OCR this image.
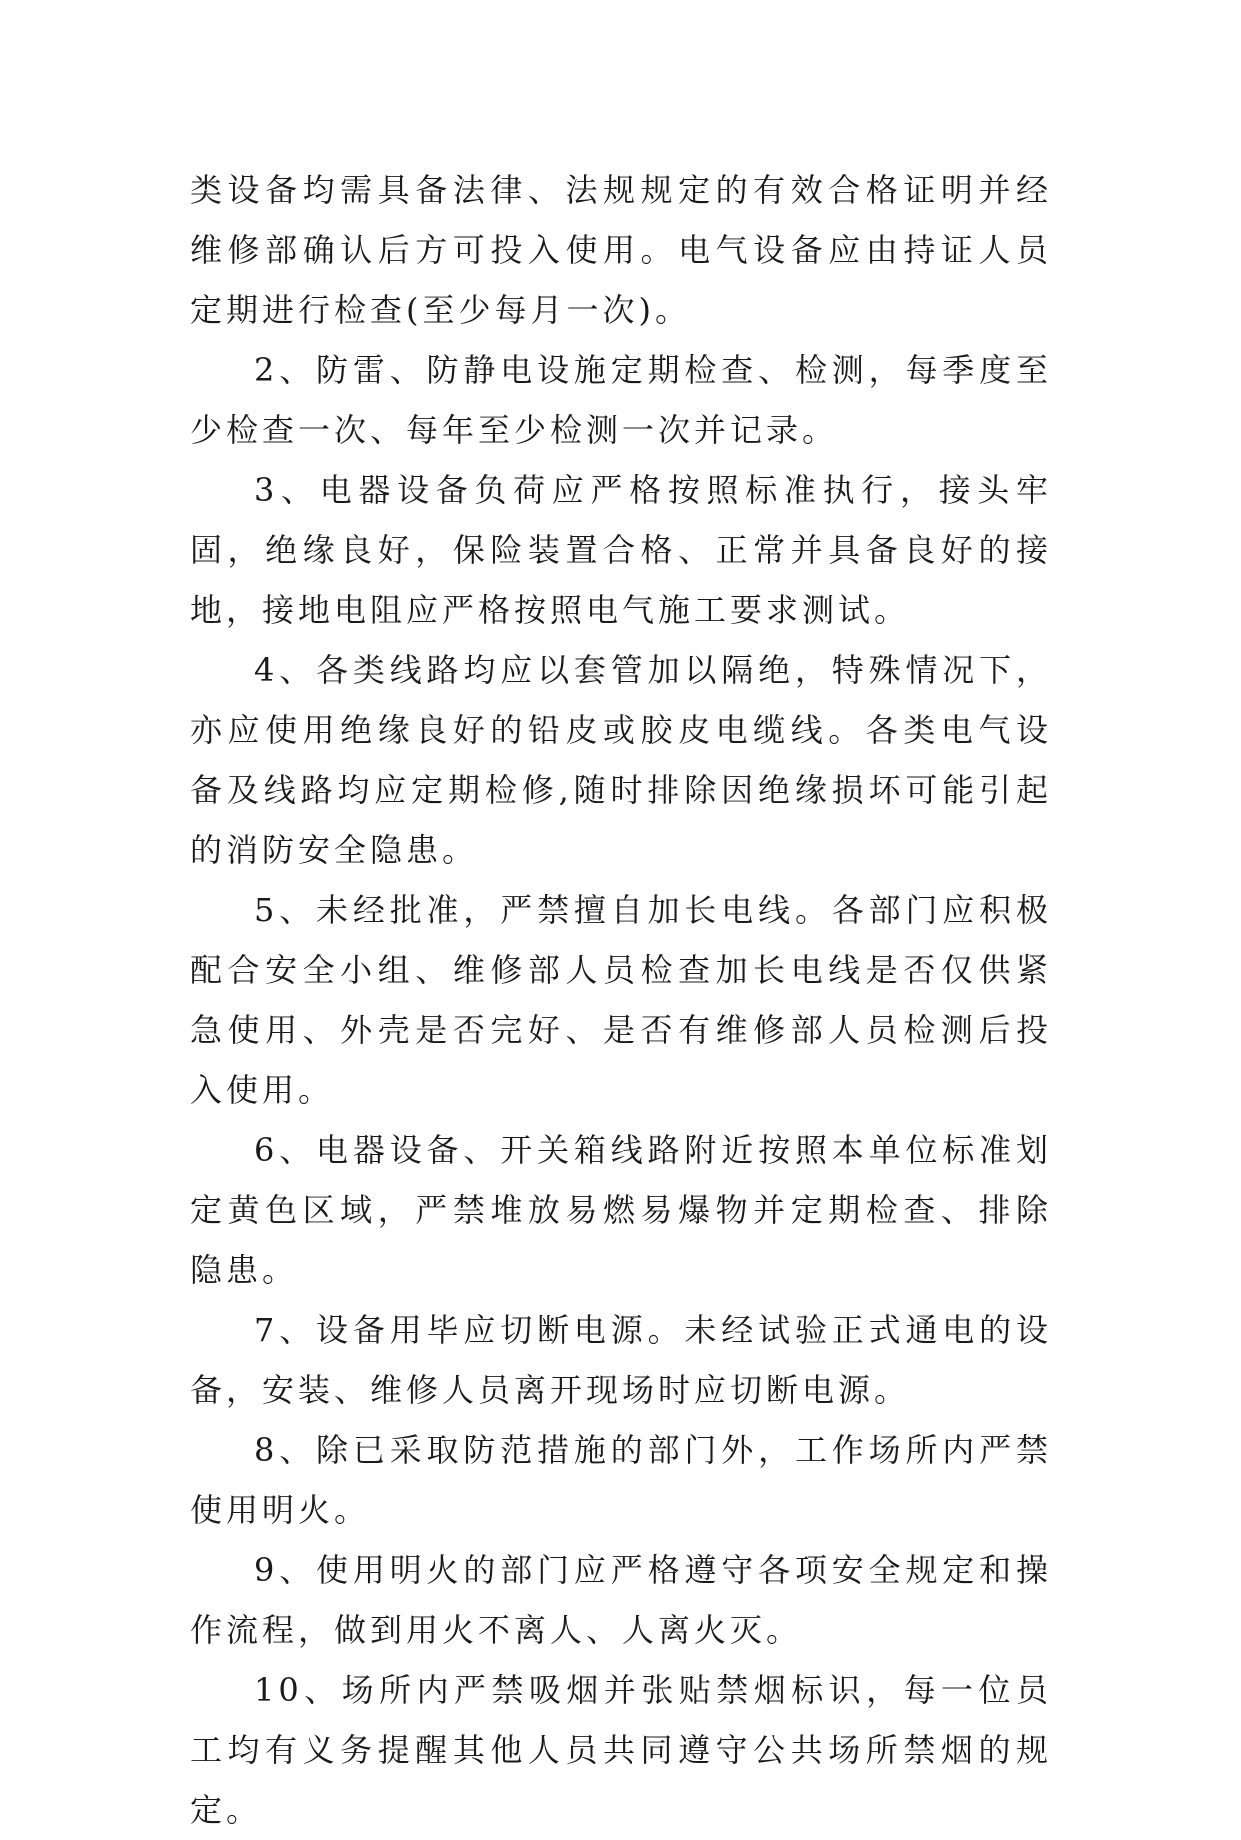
类设备均需具备法律、法规规定的有效合格证明并经维修部确认后方可投入使用。电气设备应由持证人员定期进行检查(至少每月一次)。

2、防雷、防静电设施定期检查、检测，每季度至少检查一次、每年至少检测一次并记录。

3、电器设备负荷应严格按照标准执行，接头牢固，绝缘良好，保险装置合格、正常并具备良好的接地，接地电阻应严格按照电气施工要求测试。

4、各类线路均应以套管加以隔绝，特殊情况下，亦应使用绝缘良好的铅皮或胶皮电缆线。各类电气设备及线路均应定期检修,随时排除因绝缘损坏可能引起的消防安全隐患。

5、未经批准，严禁擅自加长电线。各部门应积极配合安全小组、维修部人员检查加长电线是否仅供紧急使用、外壳是否完好、是否有维修部人员检测后投入使用。

6、电器设备、开关箱线路附近按照本单位标准划定黄色区域，严禁堆放易燃易爆物并定期检查、排除隐患。

7、设备用毕应切断电源。未经试验正式通电的设备，安装、维修人员离开现场时应切断电源。

8、除已采取防范措施的部门外，工作场所内严禁使用明火。

9、使用明火的部门应严格遵守各项安全规定和操作流程，做到用火不离人、人离火灭。

10、场所内严禁吸烟并张贴禁烟标识，每一位员工均有义务提醒其他人员共同遵守公共场所禁烟的规定。
